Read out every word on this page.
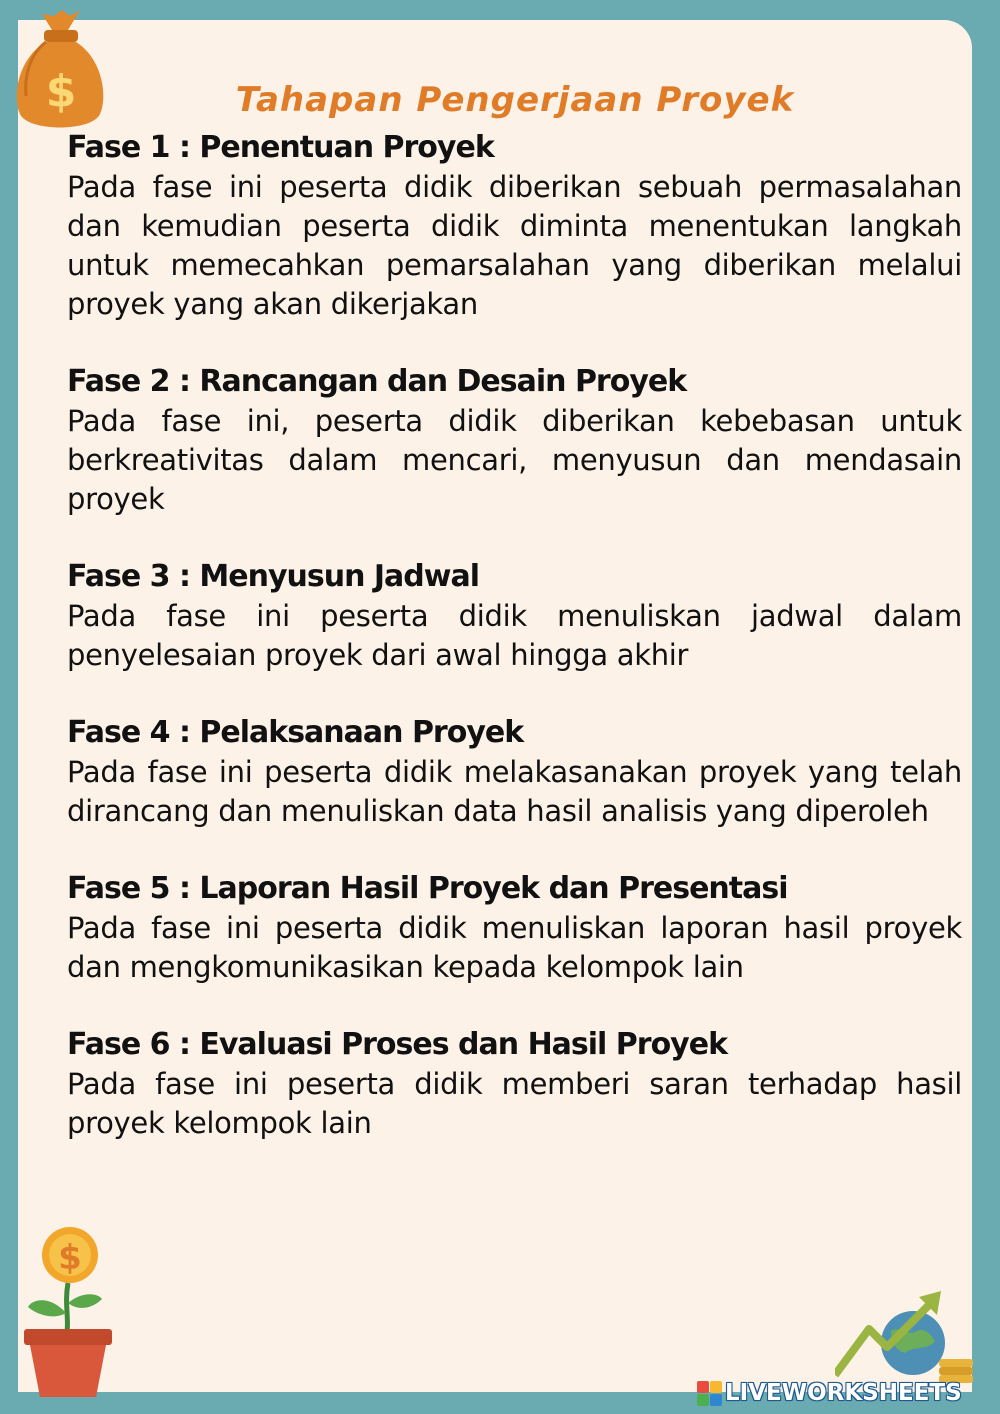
$	Tahapan Pengerjaan Proyek
Fase 1 : Penentuan Proyek
Pada fase ini peserta didik diberikan sebuah permasalahan dan kemudian peserta didik diminta menentukan langkah untuk memecahkan pemarsalahan yang diberikan melalui proyek yang akan dikerjakan
Fase 2 : Rancangan dan Desain Proyek
Pada fase ini, peserta didik diberikan kebebasan untuk berkreativitas dalam mencari, menyusun dan mendasain proyek
Fase 3 : Menyusun Jadwal
Pada fase ini peserta didik menuliskan jadwal dalam penyelesaian proyek dari awal hingga akhir
Fase 4 : Pelaksanaan Proyek
Pada fase ini peserta didik melakasanakan proyek yang telah dirancang dan menuliskan data hasil analisis yang diperoleh
Fase 5 : Laporan Hasil Proyek dan Presentasi
Pada fase ini peserta didik menuliskan laporan hasil proyek dan mengkomunikasikan kepada kelompok lain
Fase 6 : Evaluasi Proses dan Hasil Proyek
Pada fase ini peserta didik memberi saran terhadap hasil proyek kelompok lain
$
LIVEWORKSHEETS
